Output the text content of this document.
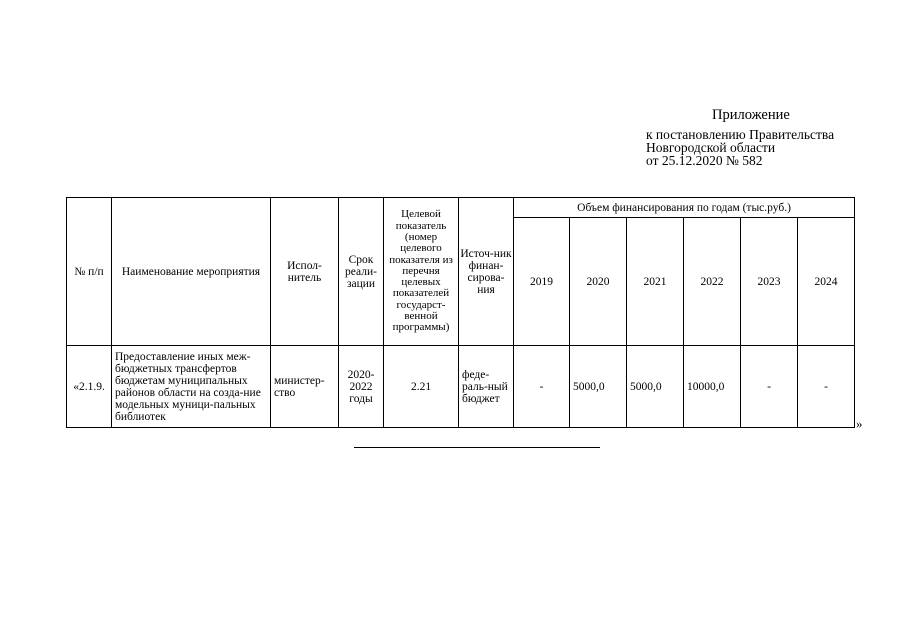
Приложение
к постановлению Правительства
Новгородской области
от 25.12.2020 № 582
№ п/п	Наименование мероприятия	Испол-нитель	Срок реали-зации	Целевой показатель (номер целевого показателя из перечня целевых показателей государст-венной программы)	Источ-ник финан-сирова-ния	Объем финансирования по годам (тыс.руб.)					
						2019	2020	2021	2022	2023	2024
«2.1.9.	Предоставление иных меж-бюджетных трансфертов бюджетам муниципальных районов области на созда-ние модельных муници-пальных библиотек	министер-ство	2020-2022 годы	2.21	феде-раль-ный бюджет	-	5000,0	5000,0	10000,0	-	-
»
